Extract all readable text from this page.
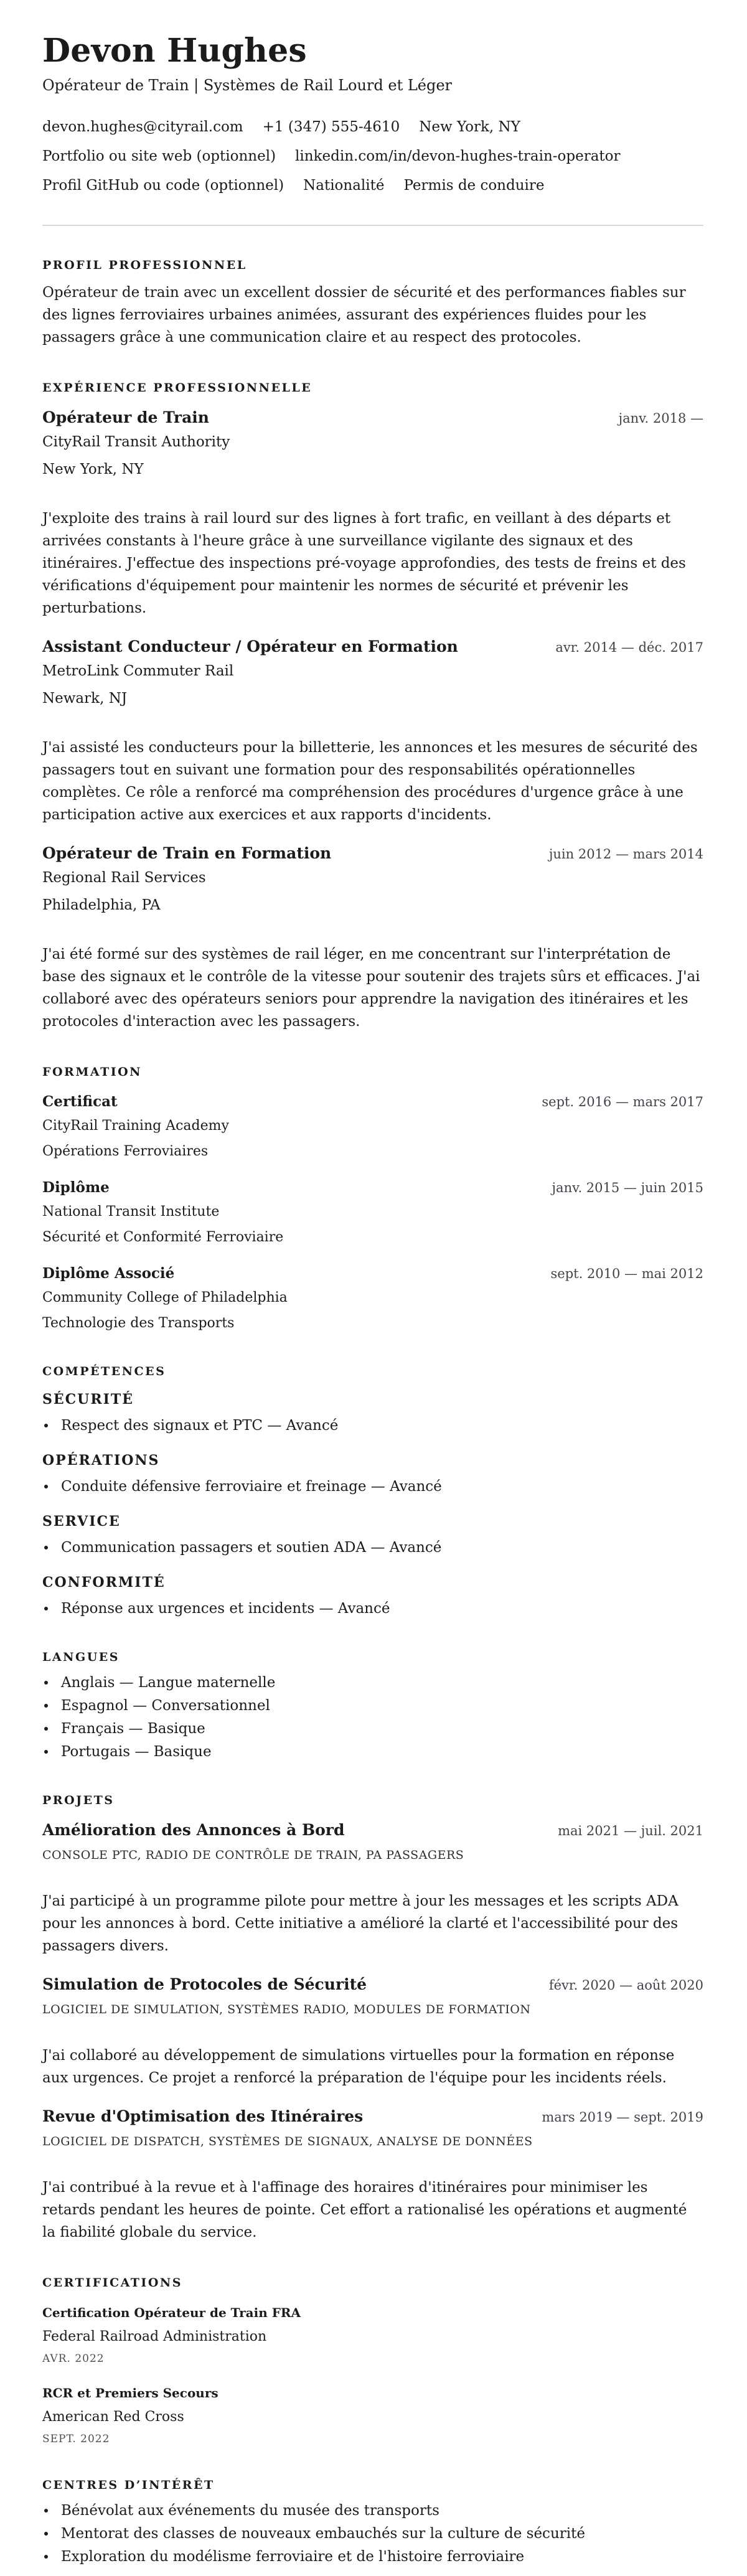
Devon Hughes

Opérateur de Train | Systèmes de Rail Lourd et Léger

devon.hughes@cityrail.com +1 (347) 555-4610 New York, NY
Portfolio ou site web (optionnel) linkedin.com/in/devon-hughes-train-operator
Profil GitHub ou code (optionnel) Nationalité Permis de conduire
PROFIL PROFESSIONNEL

Opérateur de train avec un excellent dossier de sécurité et des performances fiables sur des lignes ferroviaires urbaines animées, assurant des expériences fluides pour les passagers grâce à une communication claire et au respect des protocoles.

EXPÉRIENCE PROFESSIONNELLE
Opérateur de Train	janv. 2018 —

CityRail Transit Authority

New York, NY

J'exploite des trains à rail lourd sur des lignes à fort trafic, en veillant à des départs et arrivées constants à l'heure grâce à une surveillance vigilante des signaux et des itinéraires. J'effectue des inspections pré-voyage approfondies, des tests de freins et des vérifications d'équipement pour maintenir les normes de sécurité et prévenir les perturbations.

Assistant Conducteur / Opérateur en Formation	avr. 2014 — déc. 2017

MetroLink Commuter Rail

Newark, NJ

J'ai assisté les conducteurs pour la billetterie, les annonces et les mesures de sécurité des passagers tout en suivant une formation pour des responsabilités opérationnelles complètes. Ce rôle a renforcé ma compréhension des procédures d'urgence grâce à une participation active aux exercices et aux rapports d'incidents.

Opérateur de Train en Formation	juin 2012 — mars 2014

Regional Rail Services

Philadelphia, PA

J'ai été formé sur des systèmes de rail léger, en me concentrant sur l'interprétation de base des signaux et le contrôle de la vitesse pour soutenir des trajets sûrs et efficaces. J'ai collaboré avec des opérateurs seniors pour apprendre la navigation des itinéraires et les protocoles d'interaction avec les passagers.

FORMATION
Certificat	sept. 2016 — mars 2017

CityRail Training Academy

Opérations Ferroviaires

Diplôme	janv. 2015 — juin 2015

National Transit Institute

Sécurité et Conformité Ferroviaire

Diplôme Associé	sept. 2010 — mai 2012

Community College of Philadelphia

Technologie des Transports

COMPÉTENCES
SÉCURITÉ
Respect des signaux et PTC — Avancé
OPÉRATIONS
Conduite défensive ferroviaire et freinage — Avancé
SERVICE
Communication passagers et soutien ADA — Avancé
CONFORMITÉ
Réponse aux urgences et incidents — Avancé
LANGUES
Anglais — Langue maternelle
Espagnol — Conversationnel
Français — Basique
Portugais — Basique
PROJETS
Amélioration des Annonces à Bord	mai 2021 — juil. 2021

CONSOLE PTC, RADIO DE CONTRÔLE DE TRAIN, PA PASSAGERS

J'ai participé à un programme pilote pour mettre à jour les messages et les scripts ADA pour les annonces à bord. Cette initiative a amélioré la clarté et l'accessibilité pour des passagers divers.

Simulation de Protocoles de Sécurité	févr. 2020 — août 2020

LOGICIEL DE SIMULATION, SYSTÈMES RADIO, MODULES DE FORMATION

J'ai collaboré au développement de simulations virtuelles pour la formation en réponse aux urgences. Ce projet a renforcé la préparation de l'équipe pour les incidents réels.

Revue d'Optimisation des Itinéraires	mars 2019 — sept. 2019

LOGICIEL DE DISPATCH, SYSTÈMES DE SIGNAUX, ANALYSE DE DONNÉES

J'ai contribué à la revue et à l'affinage des horaires d'itinéraires pour minimiser les retards pendant les heures de pointe. Cet effort a rationalisé les opérations et augmenté la fiabilité globale du service.

CERTIFICATIONS
Certification Opérateur de Train FRA

Federal Railroad Administration

AVR. 2022

RCR et Premiers Secours

American Red Cross

SEPT. 2022

CENTRES D’INTÉRÊT
Bénévolat aux événements du musée des transports
Mentorat des classes de nouveaux embauchés sur la culture de sécurité
Exploration du modélisme ferroviaire et de l'histoire ferroviaire
